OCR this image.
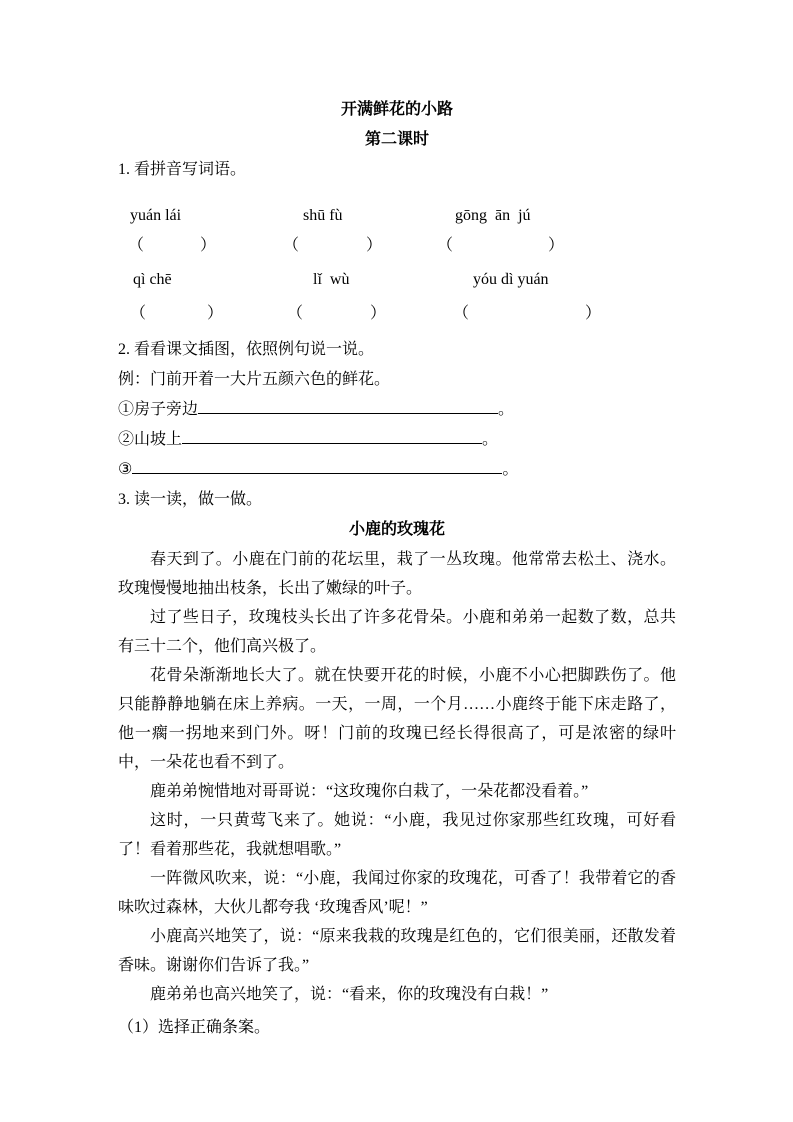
开满鲜花的小路
第二课时

1. 看拼音写词语。

yuán lái	shū fù	gōng  ān  jú
（	）	（	）	（	）
qì chē	lǐ  wù	yóu dì yuán
（	）	（	）	（	）

2. 看看课文插图，依照例句说一说。

例：门前开着一大片五颜六色的鲜花。

①房子旁边	。

②山坡上	。

③	。

3. 读一读，做一做。

小鹿的玫瑰花

春天到了。小鹿在门前的花坛里，栽了一丛玫瑰。他常常去松土、浇水。玫瑰慢慢地抽出枝条，长出了嫩绿的叶子。

过了些日子，玫瑰枝头长出了许多花骨朵。小鹿和弟弟一起数了数，总共有三十二个，他们高兴极了。

花骨朵渐渐地长大了。就在快要开花的时候，小鹿不小心把脚跌伤了。他只能静静地躺在床上养病。一天，一周，一个月……小鹿终于能下床走路了，他一瘸一拐地来到门外。呀！门前的玫瑰已经长得很高了，可是浓密的绿叶中，一朵花也看不到了。

鹿弟弟惋惜地对哥哥说：“这玫瑰你白栽了，一朵花都没看着。”

这时，一只黄莺飞来了。她说：“小鹿，我见过你家那些红玫瑰，可好看了！看着那些花，我就想唱歌。”

一阵微风吹来，说：“小鹿，我闻过你家的玫瑰花，可香了！我带着它的香味吹过森林，大伙儿都夸我 ‘玫瑰香风’呢！”

小鹿高兴地笑了，说：“原来我栽的玫瑰是红色的，它们很美丽，还散发着香味。谢谢你们告诉了我。”

鹿弟弟也高兴地笑了，说：“看来，你的玫瑰没有白栽！”

（1）选择正确条案。
